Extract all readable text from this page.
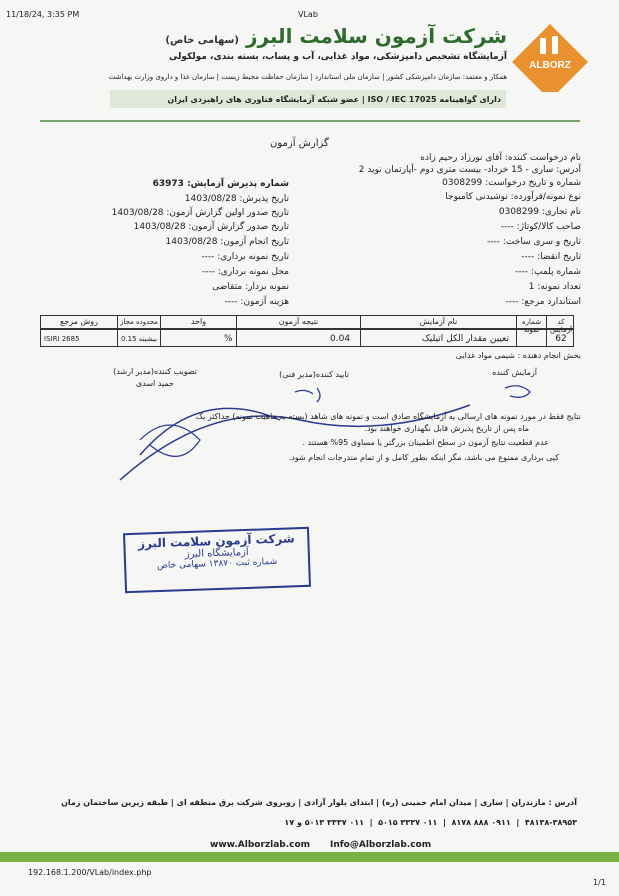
11/18/24, 3:35 PM	VLab
ALBORZ
شرکت آزمون سلامت البرز (سهامی خاص)
آزمایشگاه تشخیص دامپزشکی، مواد غذایی، آب و پساب، بسته بندی، مولکولی
همکار و معتمد: سازمان دامپزشکی کشور | سازمان ملی استاندارد | سازمان حفاظت محیط زیست | سازمان غذا و داروی وزارت بهداشت
دارای گواهینامه ISO / IEC 17025 | عضو شبکه آزمایشگاه فناوری های راهبردی ایران
گزارش آزمون
نام درخواست کننده: آقای نورزاد رحیم زاده
آدرس: ساری - 15 خرداد- بیست متری دوم -آپارتمان نوید 2
شماره و تاریخ درخواست: 0308299
نوع نمونه/فرآورده: نوشیدنی کامبوجا
نام تجاری: 0308299
صاحب کالا/کوتاژ: ----
تاریخ و سری ساخت: ----
تاریخ انقضا: ----
شماره پلمپ: ----
تعداد نمونه: 1
استاندارد مرجع: ----
شماره پذیرش آزمایش: 63973
تاریخ پذیرش: 1403/08/28
تاریخ صدور اولین گزارش آزمون: 1403/08/28
تاریخ صدور گزارش آزمون: 1403/08/28
تاریخ انجام آزمون: 1403/08/28
تاریخ نمونه برداری: ----
محل نمونه برداری: ----
نمونه بردار: متقاضی
هزینه آزمون: ----
کد آزمایش
شماره نمونه
نام آزمایش
نتیجه آزمون
واحد
محدوده مجاز
روش مرجع
62
تعیین مقدار الکل اتیلیک
0.04
%
بیشینه 0.15
ISIRI 2685
بخش انجام دهنده : شیمی مواد غذایی
آزمایش کننده
تایید کننده(مدیر فنی)
تصویب کننده(مدیر ارشد)
حمید اسدی
نتایج فقط در مورد نمونه های ارسالی یه آزمایشگاه صادق است و نمونه های شاهد (بسته به ماهیت نمونه) حداکثر یک
ماه پس از تاریخ پذیرش قابل نگهداری خواهند بود.
عدم قطعیت نتایج آزمون در سطح اطمینان بزرگتر یا مساوی 95% هستند .
کپی برداری ممنوع می باشد، مگر اینکه بطور کامل و از تمام مندرجات انجام شود.
شرکت آزمون سلامت البرز
آزمایشگاه البرز
شماره ثبت ۱۳۸۷۰ سهامی خاص
آدرس : مازندران | ساری | میدان امام خمینی (ره) | ابتدای بلوار آزادی | روبروی شرکت برق منطقه ای | طبقه زیرین ساختمان زمان
۴۸۱۳۸-۳۸۹۵۳  |  ۰۹۱۱ ۸۸۸ ۸۱۷۸  |  ۰۱۱ ۳۳۳۷ ۵۰۱۵  |  ۰۱۱ ۳۳۳۷ ۵۰۱۳ و ۱۷
www.Alborzlab.com Info@Alborzlab.com
192.168.1.200/VLab/index.php
1/1
